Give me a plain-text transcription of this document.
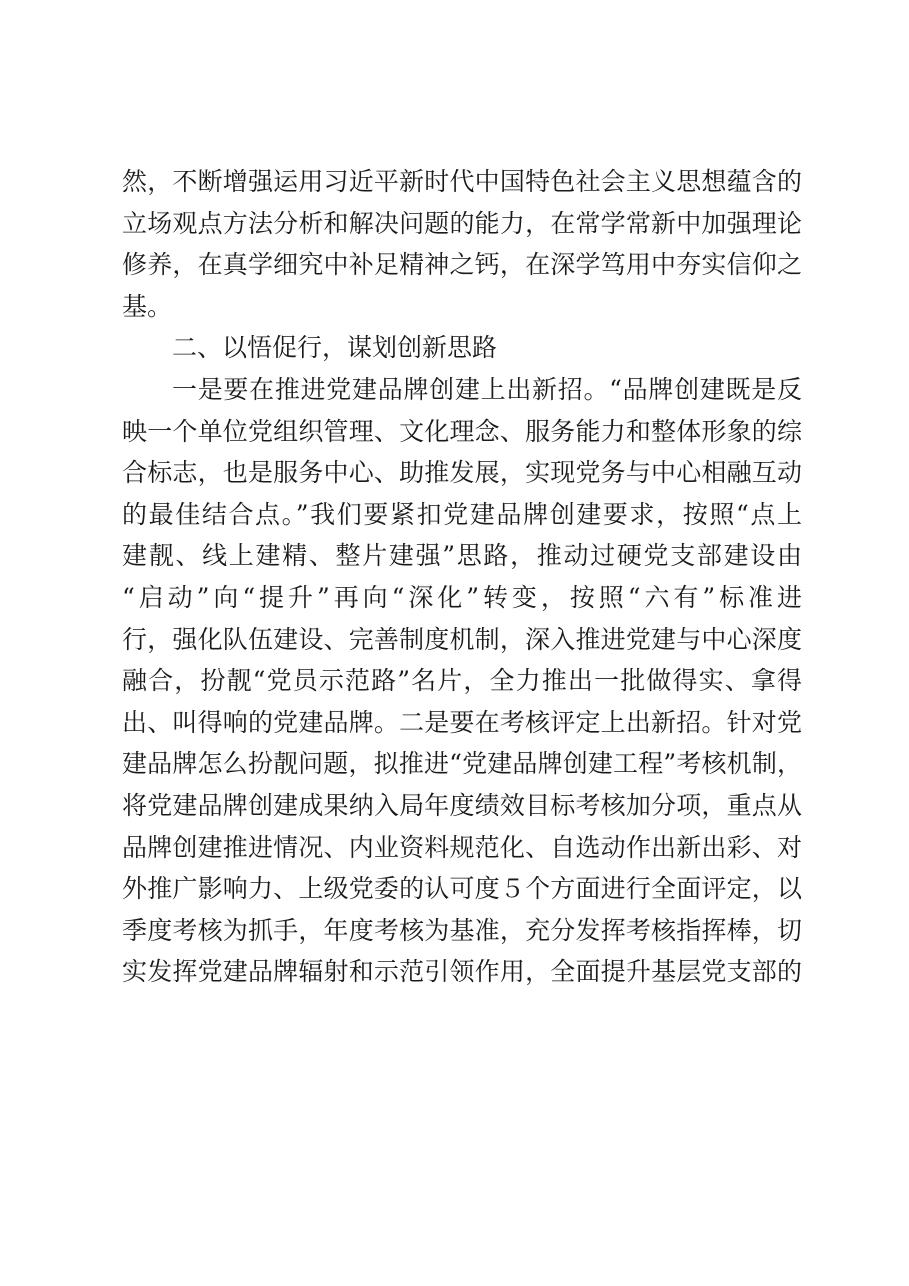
然，不断增强运用习近平新时代中国特色社会主义思想蕴含的
立场观点方法分析和解决问题的能力，在常学常新中加强理论
修养，在真学细究中补足精神之钙，在深学笃用中夯实信仰之
基。
二、以悟促行，谋划创新思路
一是要在推进党建品牌创建上出新招。“品牌创建既是反
映一个单位党组织管理、文化理念、服务能力和整体形象的综
合标志，也是服务中心、助推发展，实现党务与中心相融互动
的最佳结合点。”我们要紧扣党建品牌创建要求，按照“点上
建靓、线上建精、整片建强”思路，推动过硬党支部建设由
“启动”向“提升”再向“深化”转变，按照“六有”标准进
行，强化队伍建设、完善制度机制，深入推进党建与中心深度
融合，扮靓“党员示范路”名片，全力推出一批做得实、拿得
出、叫得响的党建品牌。二是要在考核评定上出新招。针对党
建品牌怎么扮靓问题，拟推进“党建品牌创建工程”考核机制，
将党建品牌创建成果纳入局年度绩效目标考核加分项，重点从
品牌创建推进情况、内业资料规范化、自选动作出新出彩、对
外推广影响力、上级党委的认可度５个方面进行全面评定，以
季度考核为抓手，年度考核为基准，充分发挥考核指挥棒，切
实发挥党建品牌辐射和示范引领作用，全面提升基层党支部的
